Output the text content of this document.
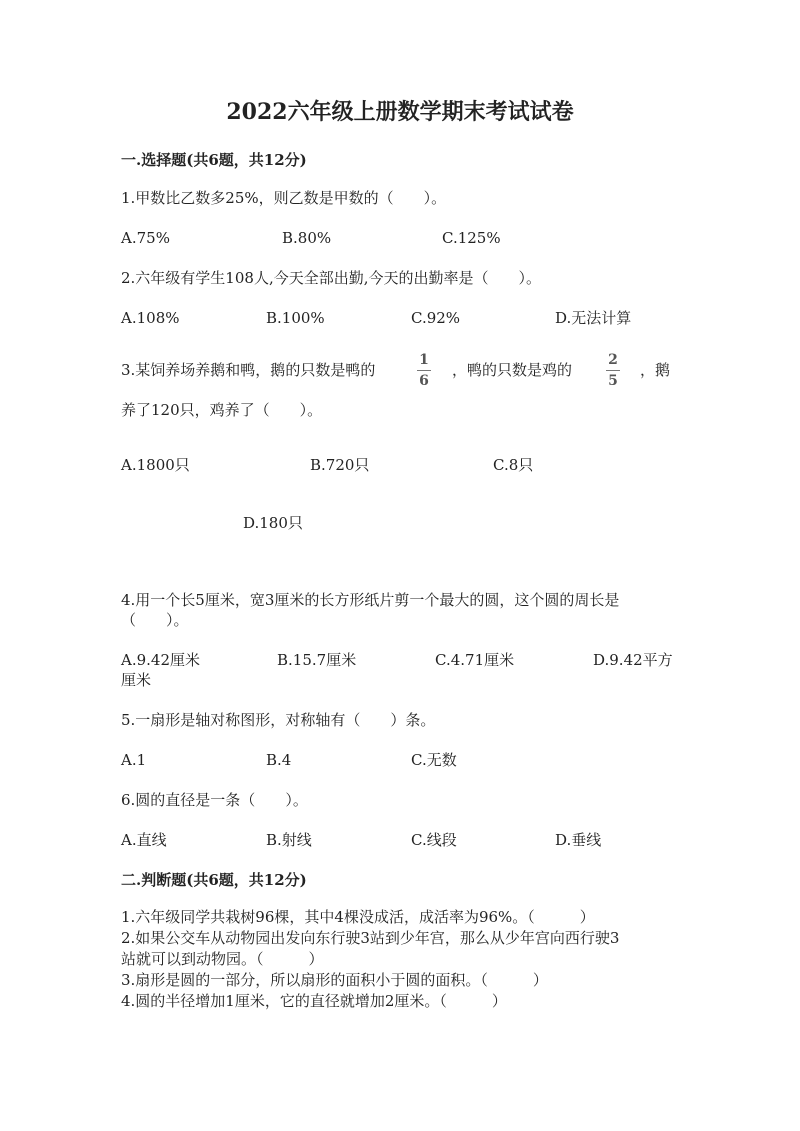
2022六年级上册数学期末考试试卷
一.选择题(共6题，共12分)
1.甲数比乙数多25%，则乙数是甲数的（　　）。
A.75%	B.80%	C.125%
2.六年级有学生108人,今天全部出勤,今天的出勤率是（　　）。
A.108%	B.100%	C.92%	D.无法计算
3.某饲养场养鹅和鸭，鹅的只数是鸭的
1
6
，鸭的只数是鸡的
2
5
，鹅
养了120只，鸡养了（　　）。
A.1800只	B.720只	C.8只
D.180只
4.用一个长5厘米，宽3厘米的长方形纸片剪一个最大的圆，这个圆的周长是
（　　）。
A.9.42厘米	B.15.7厘米	C.4.71厘米	D.9.42平方
厘米
5.一扇形是轴对称图形，对称轴有（　　）条。
A.1	B.4	C.无数
6.圆的直径是一条（　　）。
A.直线	B.射线	C.线段	D.垂线
二.判断题(共6题，共12分)
1.六年级同学共栽树96棵，其中4棵没成活，成活率为96%。（　　　）
2.如果公交车从动物园出发向东行驶3站到少年宫，那么从少年宫向西行驶3
站就可以到动物园。（　　　）
3.扇形是圆的一部分，所以扇形的面积小于圆的面积。（　　　）
4.圆的半径增加1厘米，它的直径就增加2厘米。（　　　）
